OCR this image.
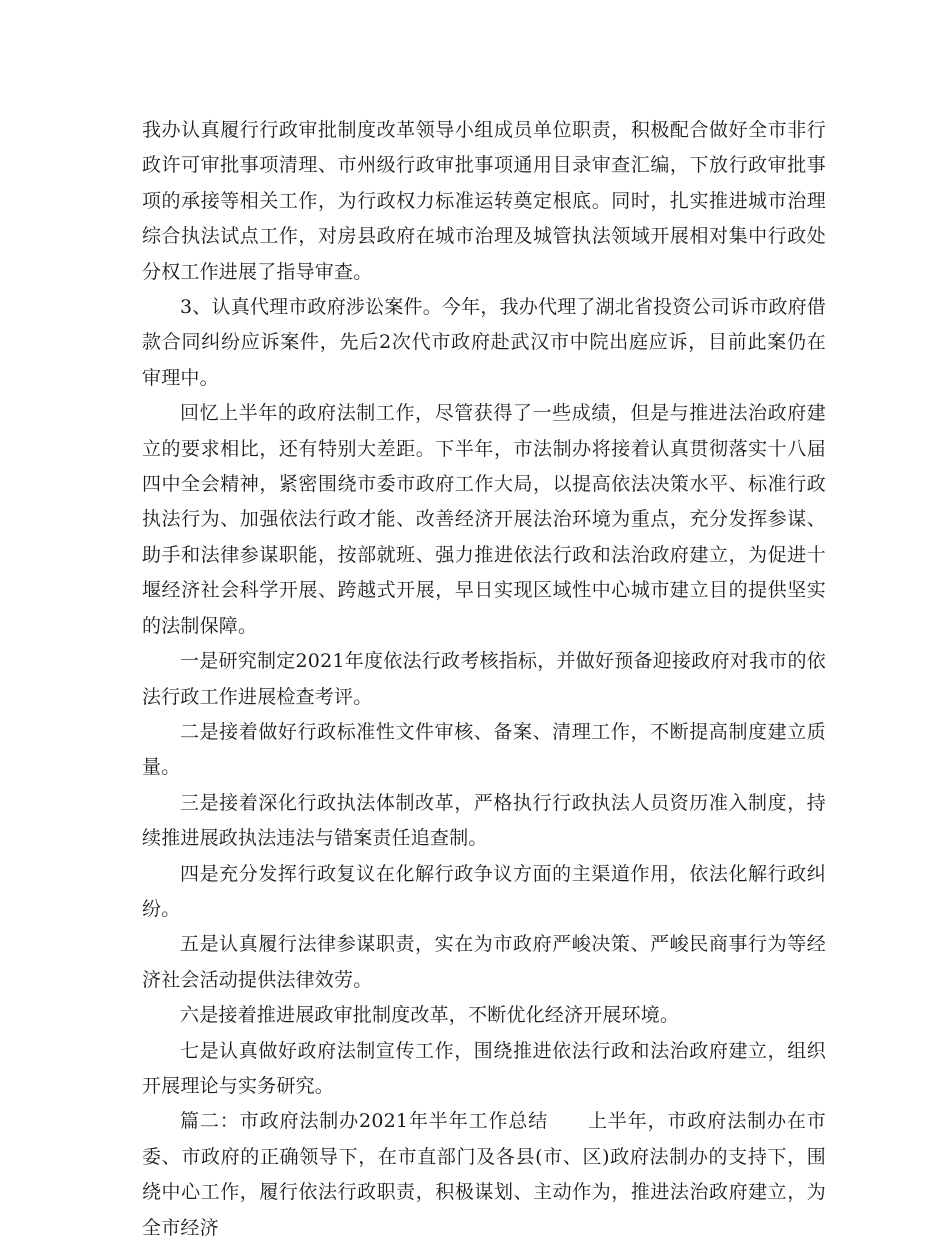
我办认真履行行政审批制度改革领导小组成员单位职责，积极配合做好全市非行政许可审批事项清理、市州级行政审批事项通用目录审查汇编，下放行政审批事项的承接等相关工作，为行政权力标准运转奠定根底。同时，扎实推进城市治理综合执法试点工作，对房县政府在城市治理及城管执法领域开展相对集中行政处分权工作进展了指导审查。

3、认真代理市政府涉讼案件。今年，我办代理了湖北省投资公司诉市政府借款合同纠纷应诉案件，先后2次代市政府赴武汉市中院出庭应诉，目前此案仍在审理中。

回忆上半年的政府法制工作，尽管获得了一些成绩，但是与推进法治政府建立的要求相比，还有特别大差距。下半年，市法制办将接着认真贯彻落实十八届四中全会精神，紧密围绕市委市政府工作大局，以提高依法决策水平、标准行政执法行为、加强依法行政才能、改善经济开展法治环境为重点，充分发挥参谋、助手和法律参谋职能，按部就班、强力推进依法行政和法治政府建立，为促进十堰经济社会科学开展、跨越式开展，早日实现区域性中心城市建立目的提供坚实的法制保障。

一是研究制定2021年度依法行政考核指标，并做好预备迎接政府对我市的依法行政工作进展检查考评。

二是接着做好行政标准性文件审核、备案、清理工作，不断提高制度建立质量。

三是接着深化行政执法体制改革，严格执行行政执法人员资历准入制度，持续推进展政执法违法与错案责任追查制。

四是充分发挥行政复议在化解行政争议方面的主渠道作用，依法化解行政纠纷。

五是认真履行法律参谋职责，实在为市政府严峻决策、严峻民商事行为等经济社会活动提供法律效劳。

六是接着推进展政审批制度改革，不断优化经济开展环境。

七是认真做好政府法制宣传工作，围绕推进依法行政和法治政府建立，组织开展理论与实务研究。

篇二：市政府法制办2021年半年工作总结　　上半年，市政府法制办在市委、市政府的正确领导下，在市直部门及各县(市、区)政府法制办的支持下，围绕中心工作，履行依法行政职责，积极谋划、主动作为，推进法治政府建立，为全市经济
